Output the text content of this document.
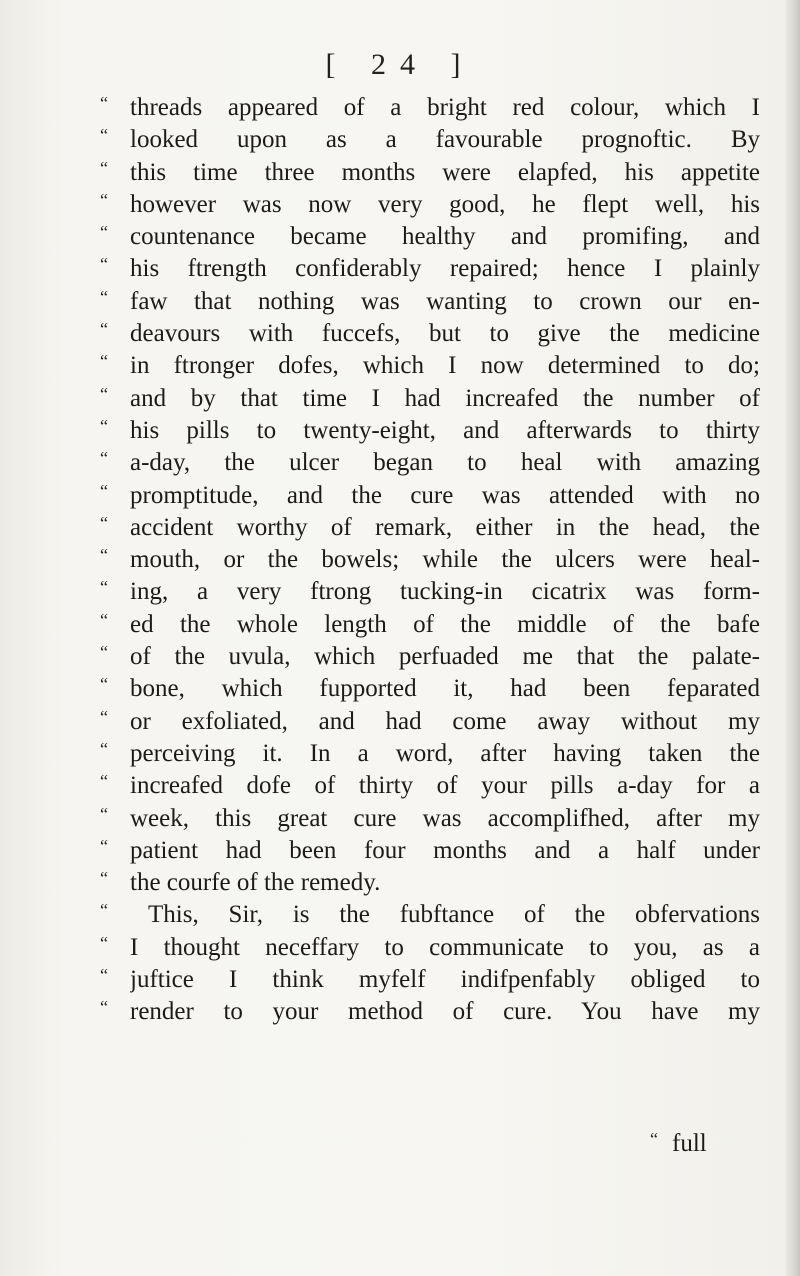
[ 24 ]
“ threads appeared of a bright red colour, which I
“ looked upon as a favourable prognoftic. By
“ this time three months were elapfed, his appetite
“ however was now very good, he flept well, his
“ countenance became healthy and promifing, and
“ his ftrength confiderably repaired; hence I plainly
“ faw that nothing was wanting to crown our en-
“ deavours with fuccefs, but to give the medicine
“ in ftronger dofes, which I now determined to do;
“ and by that time I had increafed the number of
“ his pills to twenty-eight, and afterwards to thirty
“ a-day, the ulcer began to heal with amazing
“ promptitude, and the cure was attended with no
“ accident worthy of remark, either in the head, the
“ mouth, or the bowels; while the ulcers were heal-
“ ing, a very ftrong tucking-in cicatrix was form-
“ ed the whole length of the middle of the bafe
“ of the uvula, which perfuaded me that the palate-
“ bone, which fupported it, had been feparated
“ or exfoliated, and had come away without my
“ perceiving it. In a word, after having taken the
“ increafed dofe of thirty of your pills a-day for a
“ week, this great cure was accomplifhed, after my
“ patient had been four months and a half under
“ the courfe of the remedy.
“	This, Sir, is the fubftance of the obfervations
“ I thought neceffary to communicate to you, as a
“ juftice I think myfelf indifpenfably obliged to
“ render to your method of cure. You have my
“ full
